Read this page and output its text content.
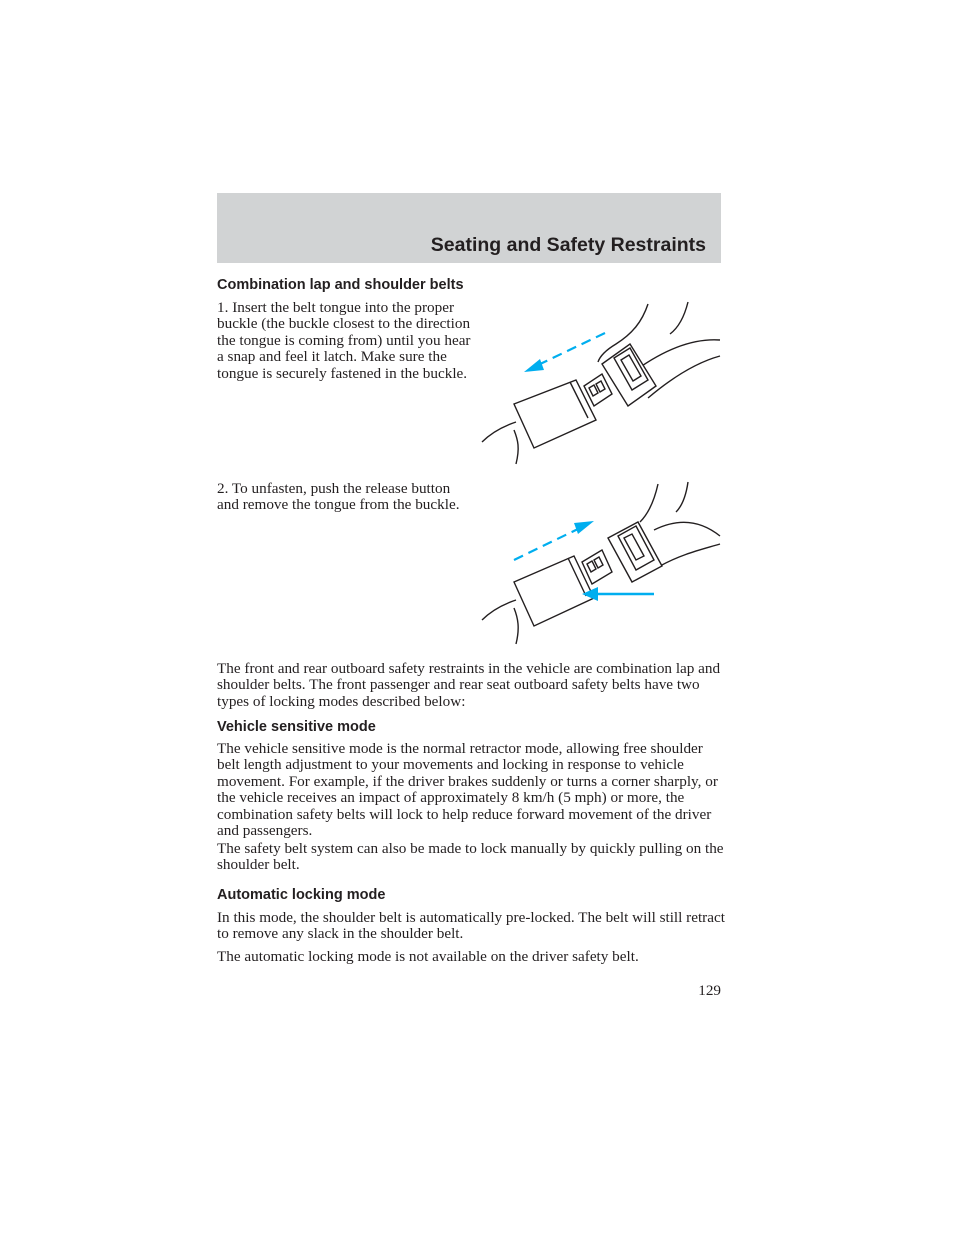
Seating and Safety Restraints
Combination lap and shoulder belts

1. Insert the belt tongue into the proper buckle (the buckle closest to the direction the tongue is coming from) until you hear a snap and feel it latch. Make sure the tongue is securely fastened in the buckle.

2. To unfasten, push the release button and remove the tongue from the buckle.

The front and rear outboard safety restraints in the vehicle are combination lap and shoulder belts. The front passenger and rear seat outboard safety belts have two types of locking modes described below:

Vehicle sensitive mode

The vehicle sensitive mode is the normal retractor mode, allowing free shoulder belt length adjustment to your movements and locking in response to vehicle movement. For example, if the driver brakes suddenly or turns a corner sharply, or the vehicle receives an impact of approximately 8 km/h (5 mph) or more, the combination safety belts will lock to help reduce forward movement of the driver and passengers.

The safety belt system can also be made to lock manually by quickly pulling on the shoulder belt.

Automatic locking mode

In this mode, the shoulder belt is automatically pre-locked. The belt will still retract to remove any slack in the shoulder belt.

The automatic locking mode is not available on the driver safety belt.

129
